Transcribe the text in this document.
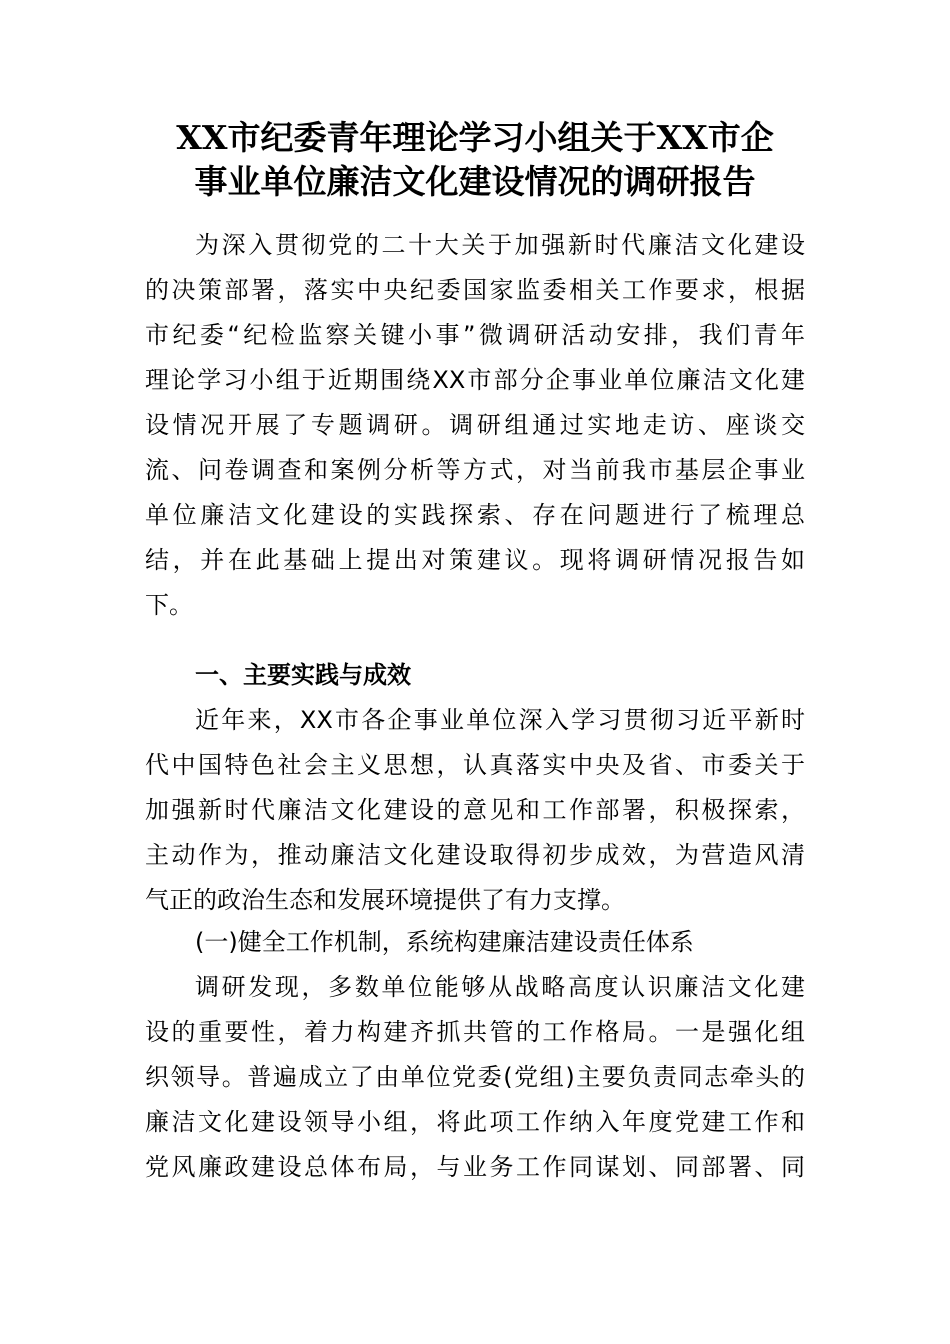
XX市纪委青年理论学习小组关于XX市企
事业单位廉洁文化建设情况的调研报告
为深入贯彻党的二十大关于加强新时代廉洁文化建设
的决策部署，落实中央纪委国家监委相关工作要求，根据
市纪委“纪检监察关键小事”微调研活动安排，我们青年
理论学习小组于近期围绕XX市部分企事业单位廉洁文化建
设情况开展了专题调研。调研组通过实地走访、座谈交
流、问卷调查和案例分析等方式，对当前我市基层企事业
单位廉洁文化建设的实践探索、存在问题进行了梳理总
结，并在此基础上提出对策建议。现将调研情况报告如
下。
一、主要实践与成效
近年来，XX市各企事业单位深入学习贯彻习近平新时
代中国特色社会主义思想，认真落实中央及省、市委关于
加强新时代廉洁文化建设的意见和工作部署，积极探索，
主动作为，推动廉洁文化建设取得初步成效，为营造风清
气正的政治生态和发展环境提供了有力支撑。
(一)健全工作机制，系统构建廉洁建设责任体系
调研发现，多数单位能够从战略高度认识廉洁文化建
设的重要性，着力构建齐抓共管的工作格局。一是强化组
织领导。普遍成立了由单位党委(党组)主要负责同志牵头的
廉洁文化建设领导小组，将此项工作纳入年度党建工作和
党风廉政建设总体布局，与业务工作同谋划、同部署、同
